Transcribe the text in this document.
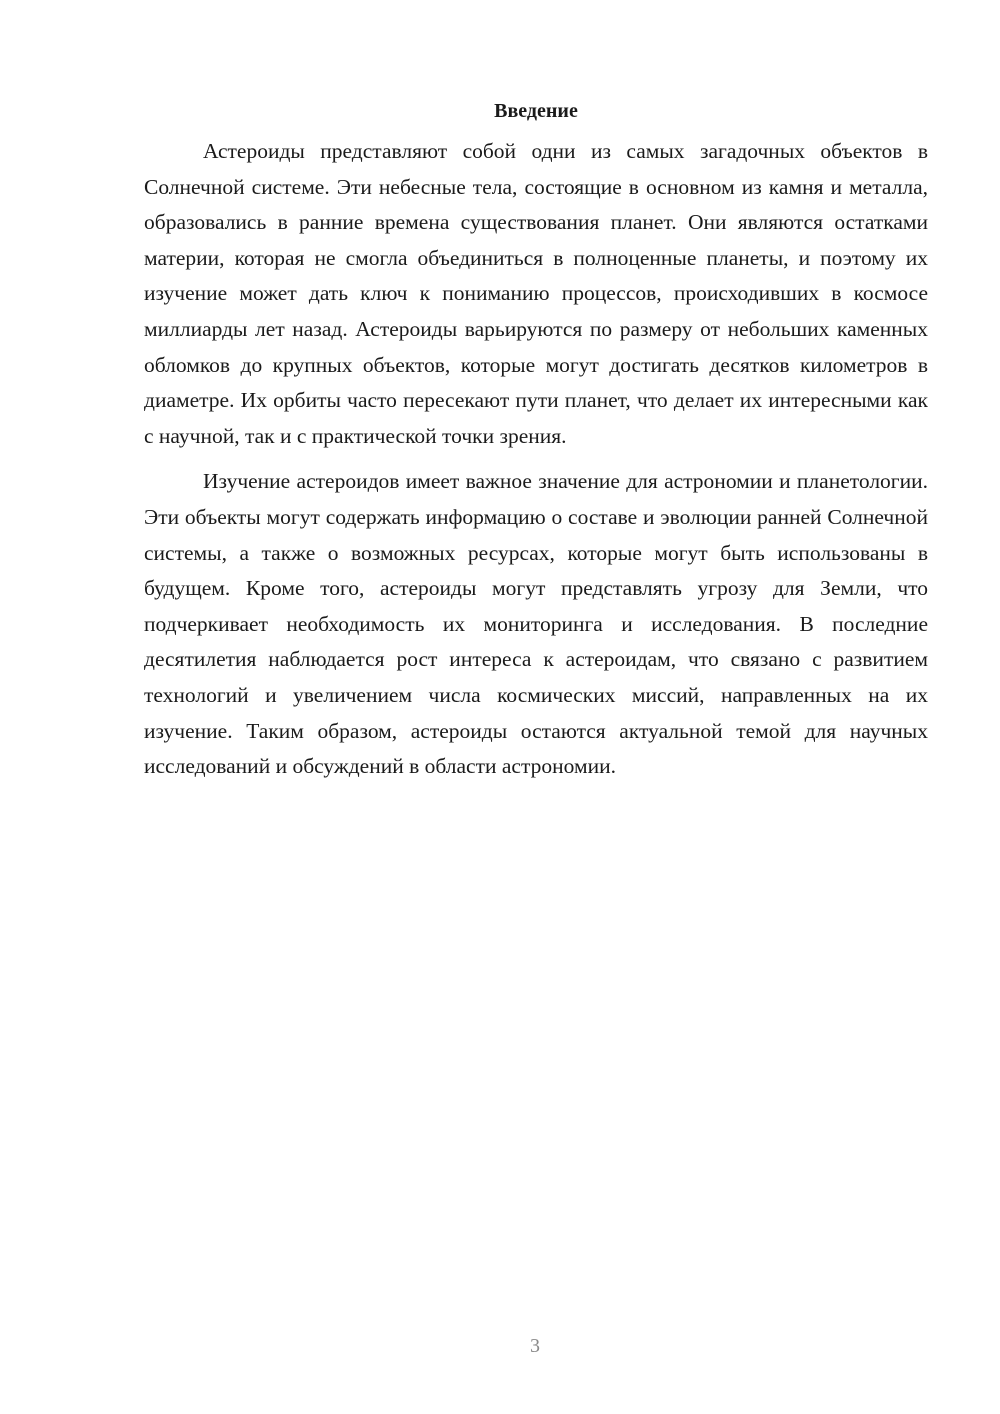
Введение

Астероиды представляют собой одни из самых загадочных объектов в Солнечной системе. Эти небесные тела, состоящие в основном из камня и металла, образовались в ранние времена существования планет. Они являются остатками материи, которая не смогла объединиться в полноценные планеты, и поэтому их изучение может дать ключ к пониманию процессов, происходивших в космосе миллиарды лет назад. Астероиды варьируются по размеру от небольших каменных обломков до крупных объектов, которые могут достигать десятков километров в диаметре. Их орбиты часто пересекают пути планет, что делает их интересными как с научной, так и с практической точки зрения.

Изучение астероидов имеет важное значение для астрономии и планетологии. Эти объекты могут содержать информацию о составе и эволюции ранней Солнечной системы, а также о возможных ресурсах, которые могут быть использованы в будущем. Кроме того, астероиды могут представлять угрозу для Земли, что подчеркивает необходимость их мониторинга и исследования. В последние десятилетия наблюдается рост интереса к астероидам, что связано с развитием технологий и увеличением числа космических миссий, направленных на их изучение. Таким образом, астероиды остаются актуальной темой для научных исследований и обсуждений в области астрономии.

3
